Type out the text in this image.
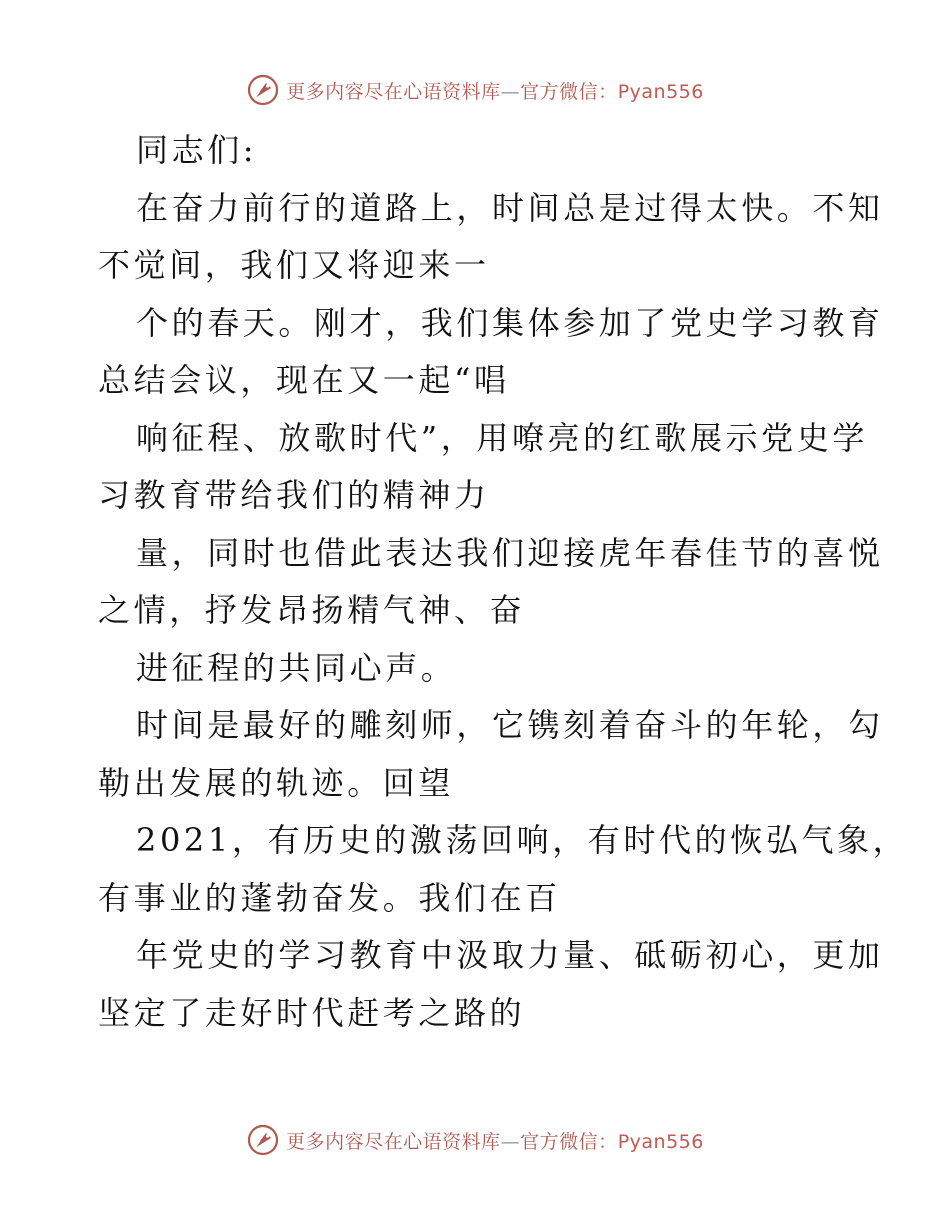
更多内容尽在心语资料库—官方微信：Pyan556
同志们:
在奋力前行的道路上，时间总是过得太快。不知
不觉间，我们又将迎来一
个的春天。刚才，我们集体参加了党史学习教育
总结会议，现在又一起“唱
响征程、放歌时代”，用嘹亮的红歌展示党史学
习教育带给我们的精神力
量，同时也借此表达我们迎接虎年春佳节的喜悦
之情，抒发昂扬精气神、奋
进征程的共同心声。
时间是最好的雕刻师，它镌刻着奋斗的年轮，勾
勒出发展的轨迹。回望
2021，有历史的激荡回响，有时代的恢弘气象，
有事业的蓬勃奋发。我们在百
年党史的学习教育中汲取力量、砥砺初心，更加
坚定了走好时代赶考之路的
更多内容尽在心语资料库—官方微信：Pyan556
